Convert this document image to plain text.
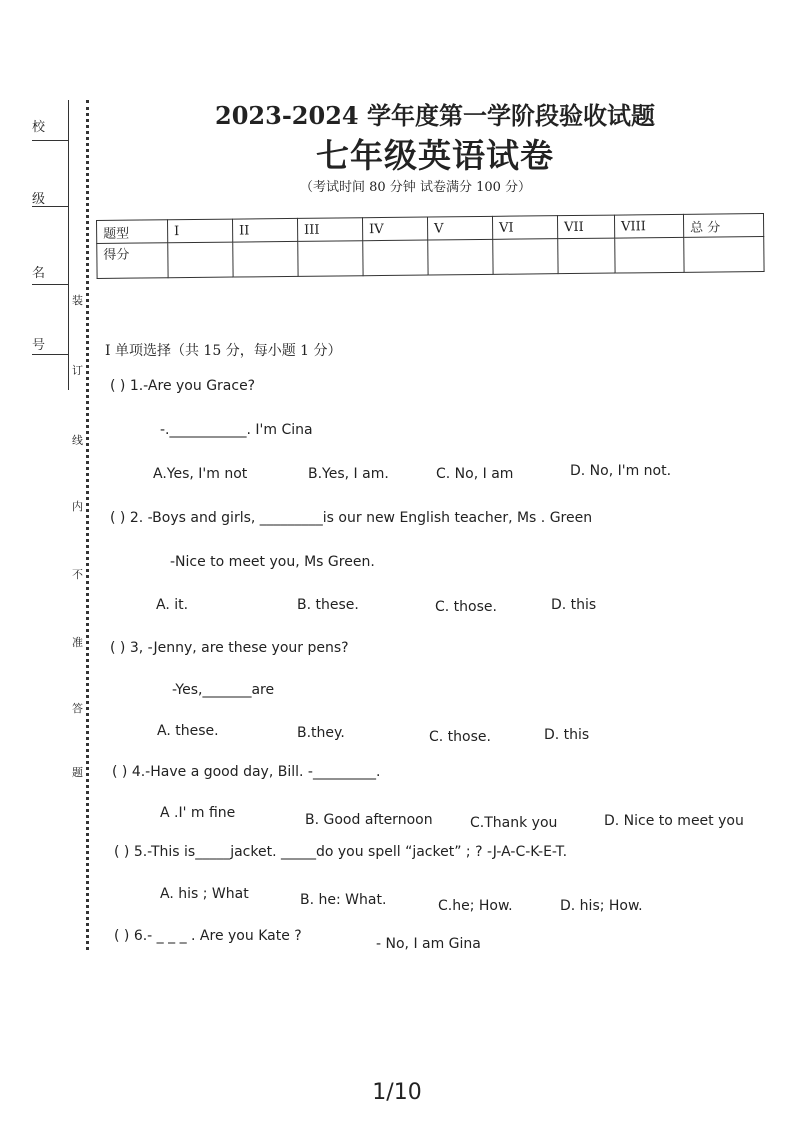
校
级
名
号
装
订
线
内
不
准
答
题
2023-2024 学年度第一学阶段验收试题
七年级英语试卷
（考试时间 80 分钟 试卷满分 100 分）
题型	I	II	III	IV	V	VI	VII	VIII	总 分
得分									
I 单项选择（共 15 分，每小题 1 分）
( ) 1.-Are you Grace?
-.___________. I'm Cina
A.Yes, I'm not	B.Yes, I am.	C. No, I am	D. No, I'm not.
( ) 2. -Boys and girls, _________is our new English teacher, Ms . Green
-Nice to meet you, Ms Green.
A. it.	B. these.	C. those.	D. this
( ) 3, -Jenny, are these your pens?
-Yes,_______are
A. these.	B.they.	C. those.	D. this
( ) 4.-Have a good day, Bill. -_________.
A .I' m fine	B. Good afternoon	C.Thank you	D. Nice to meet you
( ) 5.-This is_____jacket. _____do you spell “jacket” ; ? -J-A-C-K-E-T.
A. his ; What	B. he: What.	C.he; How.	D. his; How.
( ) 6.- _ _ _ . Are you Kate ?	- No, I am Gina
1/10
